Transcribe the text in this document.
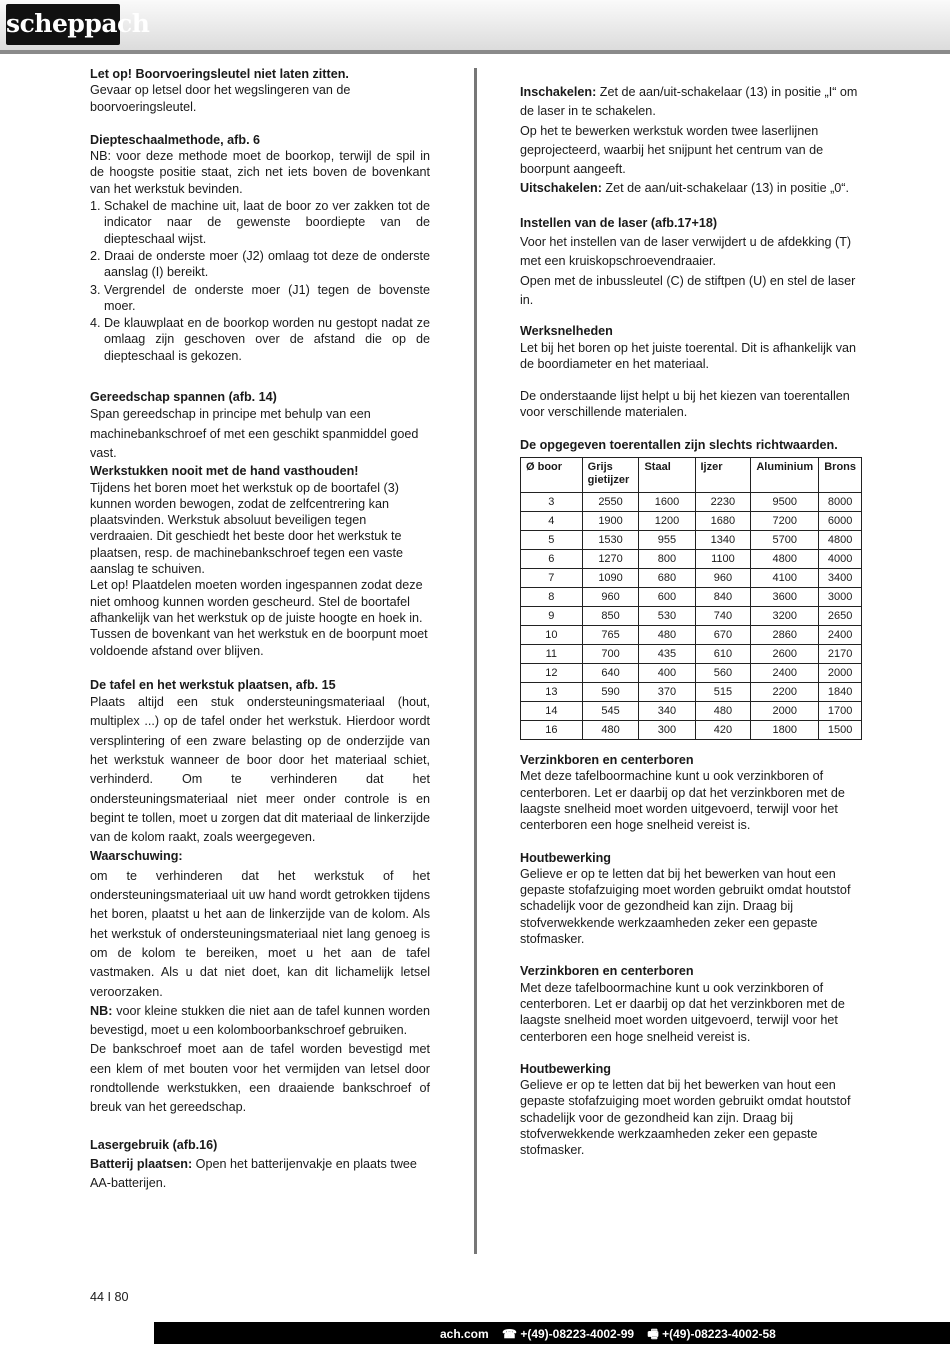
scheppach

Let op! Boorvoeringsleutel niet laten zitten.

Gevaar op letsel door het wegslingeren van de boorvoeringsleutel.

Diepteschaalmethode, afb. 6

NB: voor deze methode moet de boorkop, terwijl de spil in de hoogste positie staat, zich net iets boven de bovenkant van het werkstuk bevinden.

1. Schakel de machine uit, laat de boor zo ver zakken tot de indicator naar de gewenste boordiepte van de diepteschaal wijst.
2. Draai de onderste moer (J2) omlaag tot deze de onderste aanslag (I) bereikt.
3. Vergrendel de onderste moer (J1) tegen de bovenste moer.
4. De klauwplaat en de boorkop worden nu gestopt nadat ze omlaag zijn geschoven over de afstand die op de diepteschaal is gekozen.

Gereedschap spannen (afb. 14)

Span gereedschap in principe met behulp van een machinebankschroef of met een geschikt spanmiddel goed vast.

Werkstukken nooit met de hand vasthouden!

Tijdens het boren moet het werkstuk op de boortafel (3) kunnen worden bewogen, zodat de zelfcentrering kan plaatsvinden. Werkstuk absoluut beveiligen tegen verdraaien. Dit geschiedt het beste door het werkstuk te plaatsen, resp. de machinebankschroef tegen een vaste aanslag te schuiven.

Let op! Plaatdelen moeten worden ingespannen zodat deze niet omhoog kunnen worden gescheurd. Stel de boortafel afhankelijk van het werkstuk op de juiste hoogte en hoek in. Tussen de bovenkant van het werkstuk en de boorpunt moet voldoende afstand over blijven.

De tafel en het werkstuk plaatsen, afb. 15

Plaats altijd een stuk ondersteuningsmateriaal (hout, multiplex ...) op de tafel onder het werkstuk. Hierdoor wordt versplintering of een zware belasting op de onderzijde van het werkstuk wanneer de boor door het materiaal schiet, verhinderd. Om te verhinderen dat het ondersteuningsmateriaal niet meer onder controle is en begint te tollen, moet u zorgen dat dit materiaal de linkerzijde van de kolom raakt, zoals weergegeven.

Waarschuwing:

om te verhinderen dat het werkstuk of het ondersteuningsmateriaal uit uw hand wordt getrokken tijdens het boren, plaatst u het aan de linkerzijde van de kolom. Als het werkstuk of ondersteuningsmateriaal niet lang genoeg is om de kolom te bereiken, moet u het aan de tafel vastmaken. Als u dat niet doet, kan dit lichamelijk letsel veroorzaken.

NB: voor kleine stukken die niet aan de tafel kunnen worden bevestigd, moet u een kolomboorbankschroef gebruiken.

De bankschroef moet aan de tafel worden bevestigd met een klem of met bouten voor het vermijden van letsel door rondtollende werkstukken, een draaiende bankschroef of breuk van het gereedschap.

Lasergebruik (afb.16)

Batterij plaatsen: Open het batterijenvakje en plaats twee AA-batterijen.

Inschakelen: Zet de aan/uit-schakelaar (13) in positie „I“ om de laser in te schakelen.

Op het te bewerken werkstuk worden twee laserlijnen geprojecteerd, waarbij het snijpunt het centrum van de boorpunt aangeeft.

Uitschakelen: Zet de aan/uit-schakelaar (13) in positie „0“.

Instellen van de laser (afb.17+18)

Voor het instellen van de laser verwijdert u de afdekking (T) met een kruiskopschroevendraaier.

Open met de inbussleutel (C) de stiftpen (U) en stel de laser in.

Werksnelheden

Let bij het boren op het juiste toerental. Dit is afhankelijk van de boordiameter en het materiaal.

De onderstaande lijst helpt u bij het kiezen van toerentallen voor verschillende materialen.

De opgegeven toerentallen zijn slechts richtwaarden.

Ø boor	Grijs gietijzer	Staal	Ijzer	Aluminium	Brons
3	2550	1600	2230	9500	8000
4	1900	1200	1680	7200	6000
5	1530	955	1340	5700	4800
6	1270	800	1100	4800	4000
7	1090	680	960	4100	3400
8	960	600	840	3600	3000
9	850	530	740	3200	2650
10	765	480	670	2860	2400
11	700	435	610	2600	2170
12	640	400	560	2400	2000
13	590	370	515	2200	1840
14	545	340	480	2000	1700
16	480	300	420	1800	1500

Verzinkboren en centerboren

Met deze tafelboormachine kunt u ook verzinkboren of centerboren. Let er daarbij op dat het verzinkboren met de laagste snelheid moet worden uitgevoerd, terwijl voor het centerboren een hoge snelheid vereist is.

Houtbewerking

Gelieve er op te letten dat bij het bewerken van hout een gepaste stofafzuiging moet worden gebruikt omdat houtstof schadelijk voor de gezondheid kan zijn. Draag bij stofverwekkende werkzaamheden zeker een gepaste stofmasker.

Verzinkboren en centerboren

Met deze tafelboormachine kunt u ook verzinkboren of centerboren. Let er daarbij op dat het verzinkboren met de laagste snelheid moet worden uitgevoerd, terwijl voor het centerboren een hoge snelheid vereist is.

Houtbewerking

Gelieve er op te letten dat bij het bewerken van hout een gepaste stofafzuiging moet worden gebruikt omdat houtstof schadelijk voor de gezondheid kan zijn. Draag bij stofverwekkende werkzaamheden zeker een gepaste stofmasker.

44 I 80
ach.com ☎ +(49)-08223-4002-99 🖷 +(49)-08223-4002-58
